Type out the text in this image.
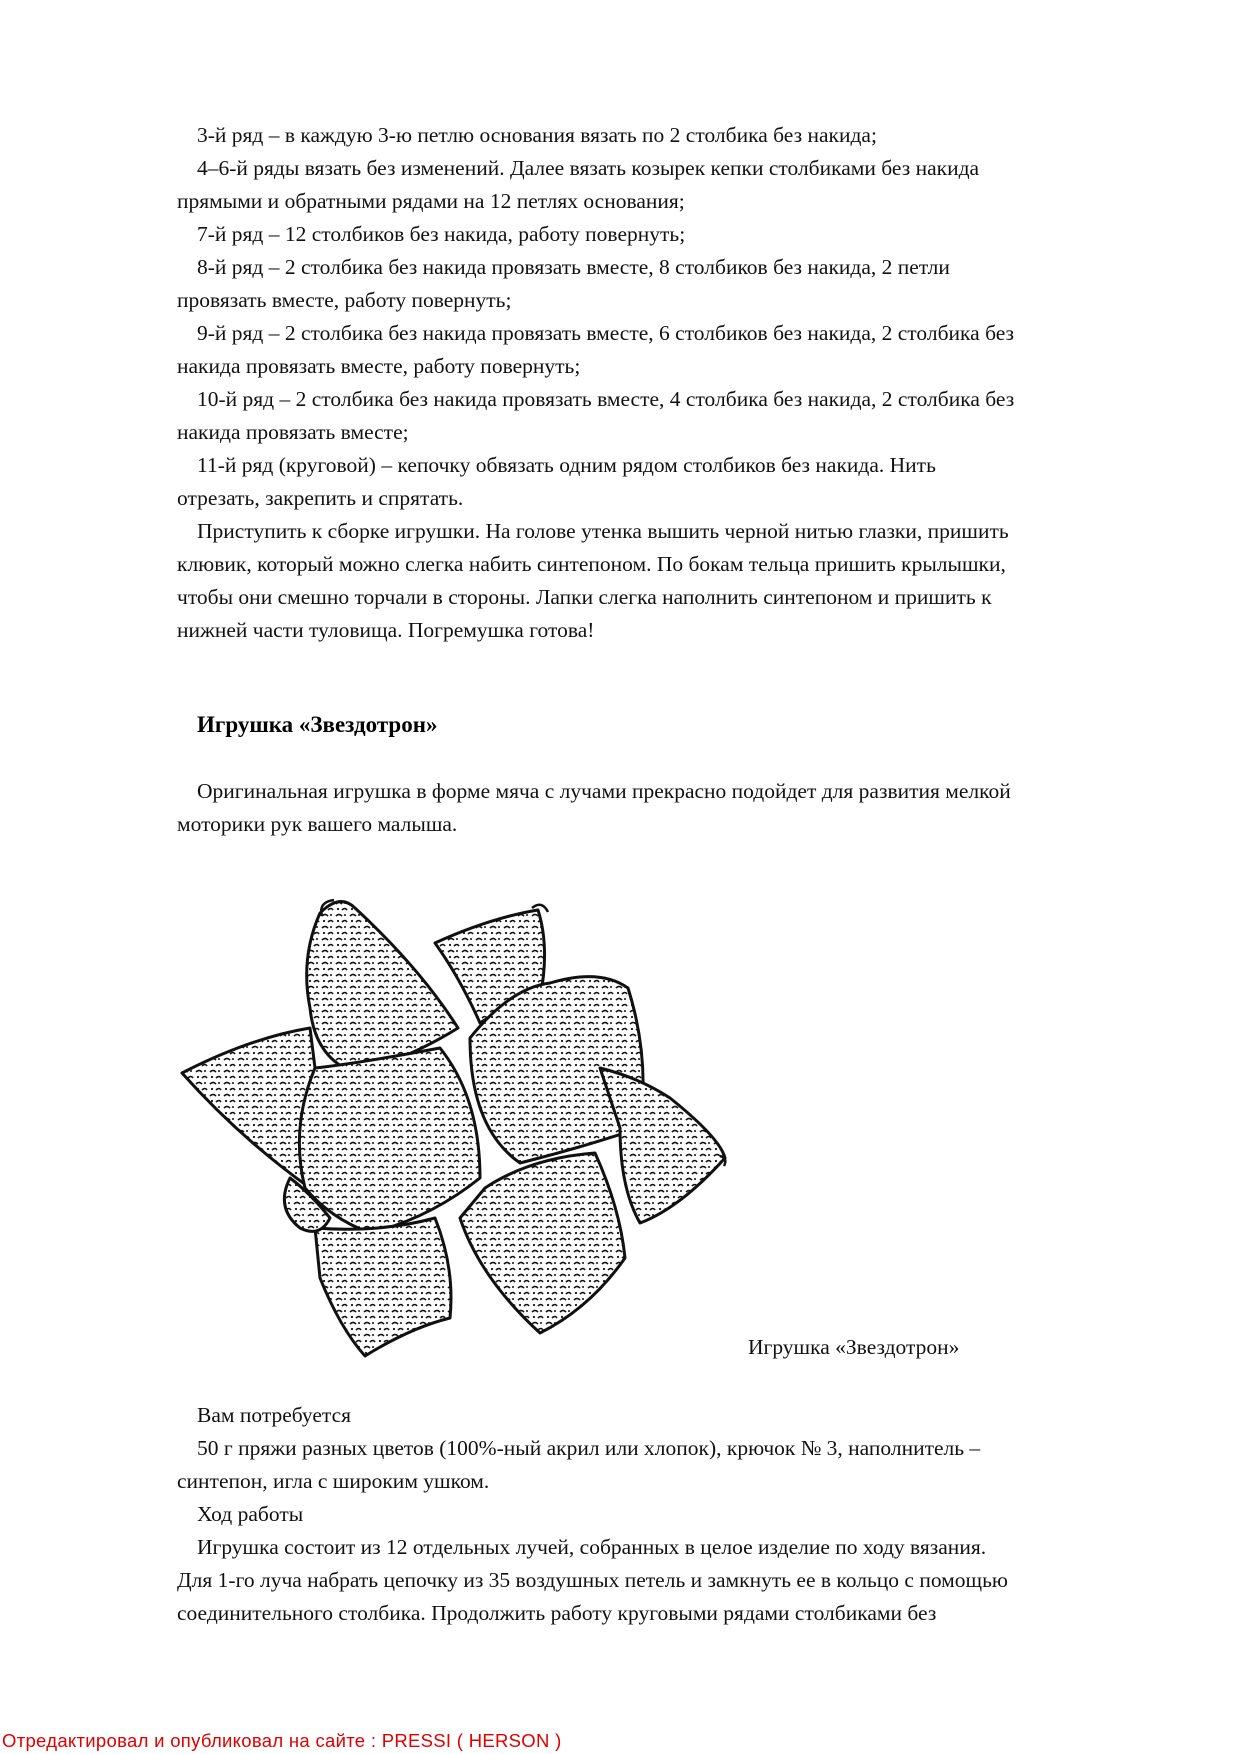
3-й ряд – в каждую 3-ю петлю основания вязать по 2 столбика без накида;
4–6-й ряды вязать без изменений. Далее вязать козырек кепки столбиками без накида
прямыми и обратными рядами на 12 петлях основания;
7-й ряд – 12 столбиков без накида, работу повернуть;
8-й ряд – 2 столбика без накида провязать вместе, 8 столбиков без накида, 2 петли
провязать вместе, работу повернуть;
9-й ряд – 2 столбика без накида провязать вместе, 6 столбиков без накида, 2 столбика без
накида провязать вместе, работу повернуть;
10-й ряд – 2 столбика без накида провязать вместе, 4 столбика без накида, 2 столбика без
накида провязать вместе;
11-й ряд (круговой) – кепочку обвязать одним рядом столбиков без накида. Нить
отрезать, закрепить и спрятать.
Приступить к сборке игрушки. На голове утенка вышить черной нитью глазки, пришить
клювик, который можно слегка набить синтепоном. По бокам тельца пришить крылышки,
чтобы они смешно торчали в стороны. Лапки слегка наполнить синтепоном и пришить к
нижней части туловища. Погремушка готова!
Игрушка «Звездотрон»
Оригинальная игрушка в форме мяча с лучами прекрасно подойдет для развития мелкой
моторики рук вашего малыша.
Игрушка «Звездотрон»
Вам потребуется
50 г пряжи разных цветов (100%-ный акрил или хлопок), крючок № 3, наполнитель –
синтепон, игла с широким ушком.
Ход работы
Игрушка состоит из 12 отдельных лучей, собранных в целое изделие по ходу вязания.
Для 1-го луча набрать цепочку из 35 воздушных петель и замкнуть ее в кольцо с помощью
соединительного столбика. Продолжить работу круговыми рядами столбиками без
Отредактировал и опубликовал на сайте : PRESSI ( HERSON )
